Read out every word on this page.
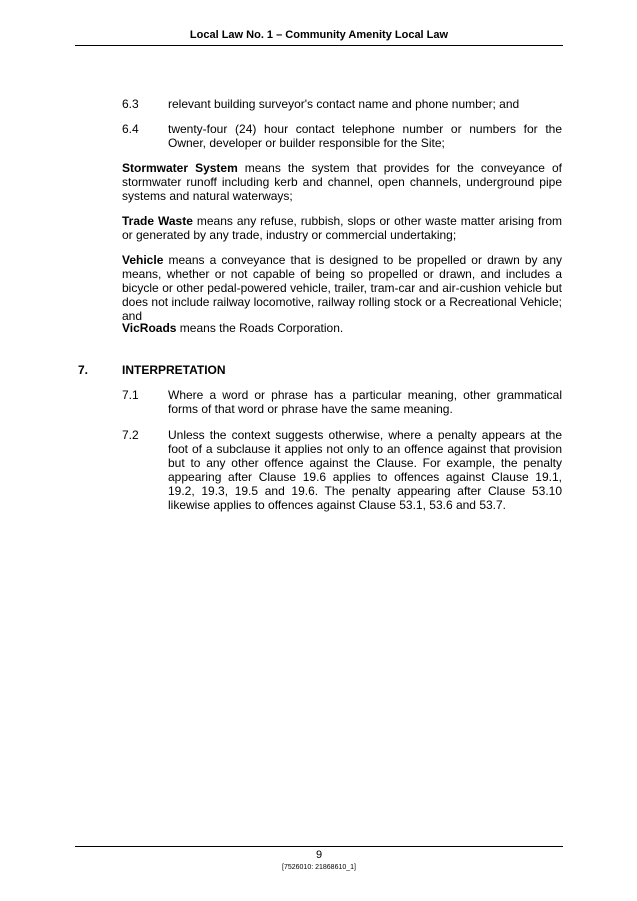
Local Law No. 1 – Community Amenity Local Law
6.3 relevant building surveyor's contact name and phone number; and
6.4 twenty-four (24) hour contact telephone number or numbers for the Owner, developer or builder responsible for the Site;
Stormwater System means the system that provides for the conveyance of stormwater runoff including kerb and channel, open channels, underground pipe systems and natural waterways;
Trade Waste means any refuse, rubbish, slops or other waste matter arising from or generated by any trade, industry or commercial undertaking;
Vehicle means a conveyance that is designed to be propelled or drawn by any means, whether or not capable of being so propelled or drawn, and includes a bicycle or other pedal-powered vehicle, trailer, tram-car and air-cushion vehicle but does not include railway locomotive, railway rolling stock or a Recreational Vehicle; and
VicRoads means the Roads Corporation.
7.	INTERPRETATION
7.1 Where a word or phrase has a particular meaning, other grammatical forms of that word or phrase have the same meaning.
7.2 Unless the context suggests otherwise, where a penalty appears at the foot of a subclause it applies not only to an offence against that provision but to any other offence against the Clause. For example, the penalty appearing after Clause 19.6 applies to offences against Clause 19.1, 19.2, 19.3, 19.5 and 19.6. The penalty appearing after Clause 53.10 likewise applies to offences against Clause 53.1, 53.6 and 53.7.
9
[7526010: 21868610_1]
